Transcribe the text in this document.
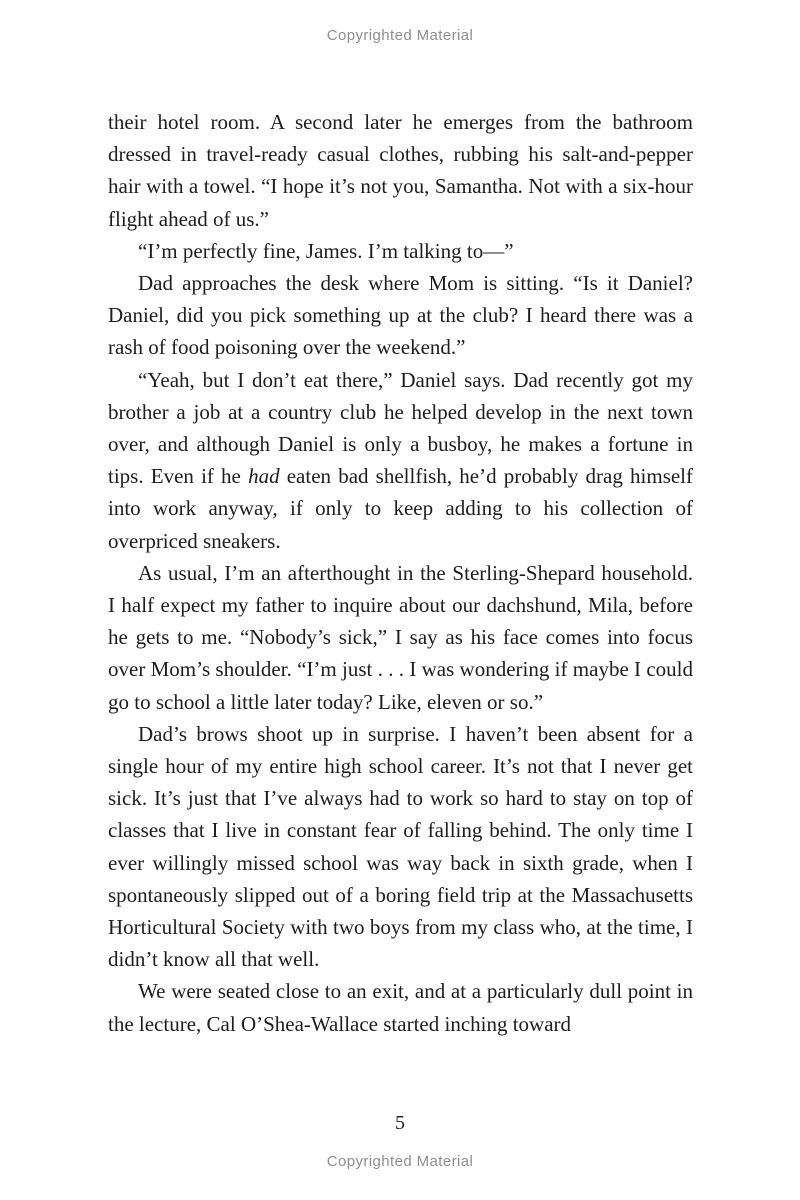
Copyrighted Material

their hotel room. A second later he emerges from the bathroom dressed in travel-ready casual clothes, rubbing his salt-and-pepper hair with a towel. “I hope it’s not you, Samantha. Not with a six-hour flight ahead of us.”

“I’m perfectly fine, James. I’m talking to—”

Dad approaches the desk where Mom is sitting. “Is it Daniel? Daniel, did you pick something up at the club? I heard there was a rash of food poisoning over the weekend.”

“Yeah, but I don’t eat there,” Daniel says. Dad recently got my brother a job at a country club he helped develop in the next town over, and although Daniel is only a busboy, he makes a fortune in tips. Even if he had eaten bad shellfish, he’d probably drag himself into work anyway, if only to keep adding to his collection of overpriced sneakers.

As usual, I’m an afterthought in the Sterling-Shepard household. I half expect my father to inquire about our dachshund, Mila, before he gets to me. “Nobody’s sick,” I say as his face comes into focus over Mom’s shoulder. “I’m just . . . I was wondering if maybe I could go to school a little later today? Like, eleven or so.”

Dad’s brows shoot up in surprise. I haven’t been absent for a single hour of my entire high school career. It’s not that I never get sick. It’s just that I’ve always had to work so hard to stay on top of classes that I live in constant fear of falling behind. The only time I ever willingly missed school was way back in sixth grade, when I spontaneously slipped out of a boring field trip at the Massachusetts Horticultural Society with two boys from my class who, at the time, I didn’t know all that well.

We were seated close to an exit, and at a particularly dull point in the lecture, Cal O’Shea-Wallace started inching toward

5
Copyrighted Material
